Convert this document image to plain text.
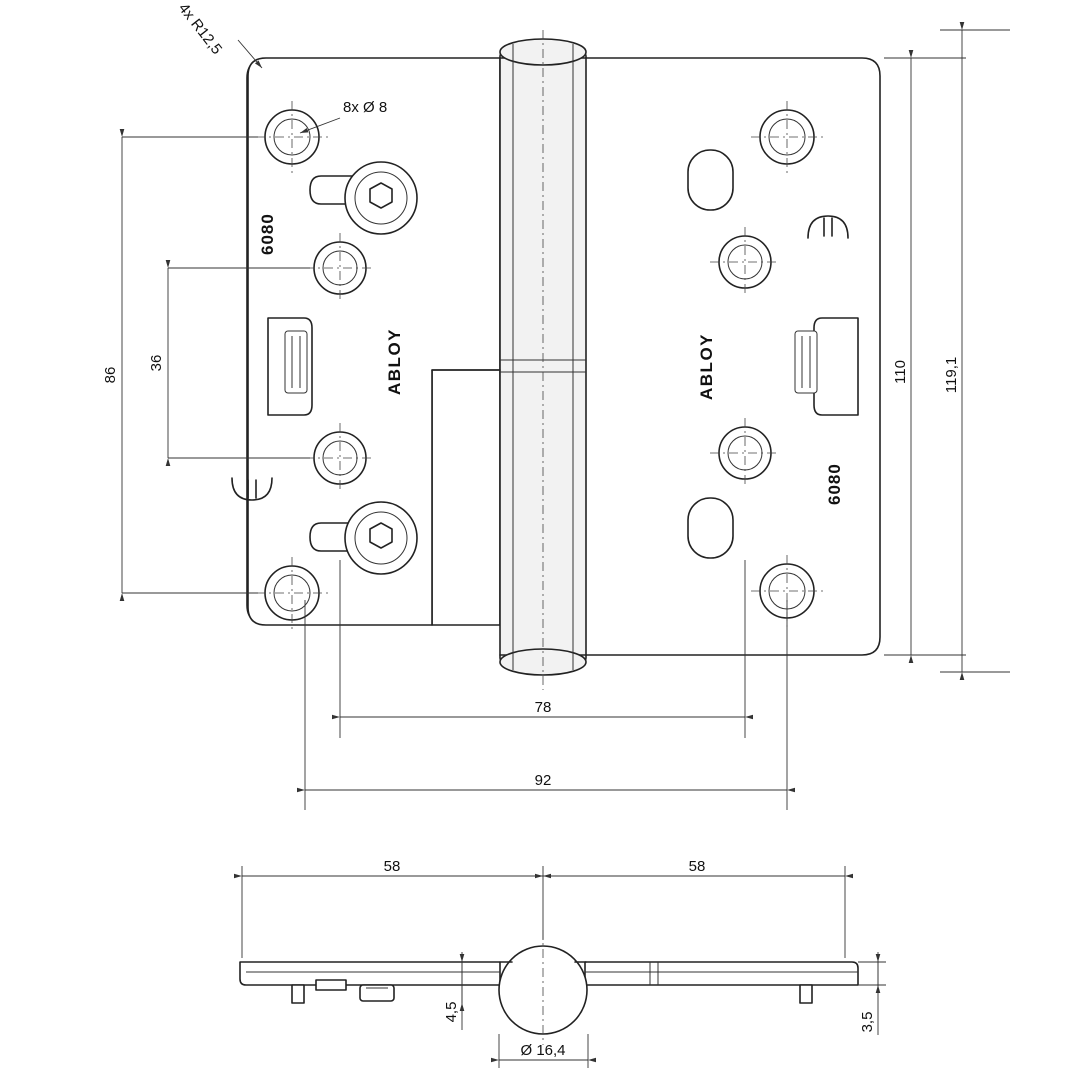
6080
ABLOY	ABLOY
6080
4x R12,5
8x Ø 8
86
36	110 119,1
78
92
58	58
4,5	3,5
Ø 16,4
